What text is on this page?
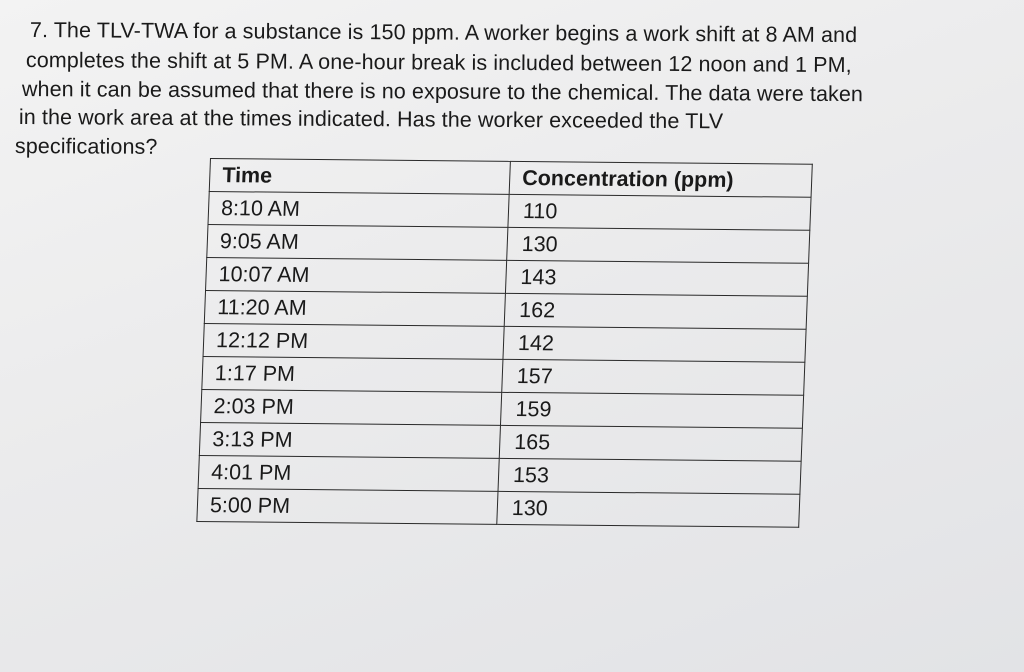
7. The TLV-TWA for a substance is 150 ppm. A worker begins a work shift at 8 AM and
completes the shift at 5 PM. A one-hour break is included between 12 noon and 1 PM,
when it can be assumed that there is no exposure to the chemical. The data were taken
in the work area at the times indicated. Has the worker exceeded the TLV
specifications?
Time	Concentration (ppm)
8:10 AM	110
9:05 AM	130
10:07 AM	143
11:20 AM	162
12:12 PM	142
1:17 PM	157
2:03 PM	159
3:13 PM	165
4:01 PM	153
5:00 PM	130
